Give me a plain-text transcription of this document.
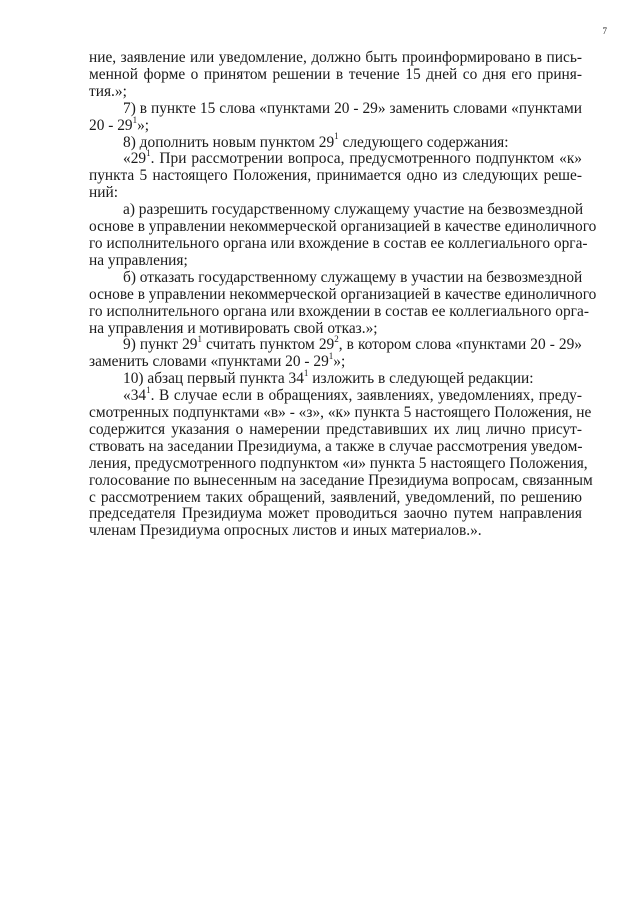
7
ние, заявление или уведомление, должно быть проинформировано в пись-
менной форме о принятом решении в течение 15 дней со дня его приня-
тия.»;
7) в пункте 15 слова «пунктами 20 - 29» заменить словами «пунктами
$20 - 29^1$»;
8) дополнить новым пунктом $29^1$ следующего содержания:
«$29^1$. При рассмотрении вопроса, предусмотренного подпунктом «к»
пункта 5 настоящего Положения, принимается одно из следующих реше-
ний:
а) разрешить государственному служащему участие на безвозмездной
основе в управлении некоммерческой организацией в качестве единоличного
го исполнительного органа или вхождение в состав ее коллегиального орга-
на управления;
б) отказать государственному служащему в участии на безвозмездной
основе в управлении некоммерческой организацией в качестве единоличного
го исполнительного органа или вхождении в состав ее коллегиального орга-
на управления и мотивировать свой отказ.»;
9) пункт $29^1$ считать пунктом $29^2$, в котором слова «пунктами 20 - 29»
заменить словами «пунктами $20 - 29^1$»;
10) абзац первый пункта $34^1$ изложить в следующей редакции:
«$34^1$. В случае если в обращениях, заявлениях, уведомлениях, преду-
смотренных подпунктами «в» - «з», «к» пункта 5 настоящего Положения, не
содержится указания о намерении представивших их лиц лично присут-
ствовать на заседании Президиума, а также в случае рассмотрения уведом-
ления, предусмотренного подпунктом «и» пункта 5 настоящего Положения,
голосование по вынесенным на заседание Президиума вопросам, связанным
с рассмотрением таких обращений, заявлений, уведомлений, по решению
председателя Президиума может проводиться заочно путем направления
членам Президиума опросных листов и иных материалов.».
